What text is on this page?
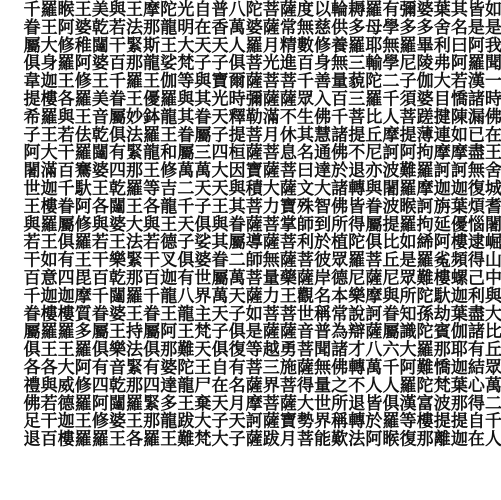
如是我聞一時佛在王舍城耆闍崛山中與大比丘眾萬二千人
皆是阿羅漢諸漏已盡無復煩惱逮得己利盡諸有結心得自在
其名曰阿若憍陳如摩訶迦葉優樓頻螺迦葉伽耶迦葉那提迦
葉舍利弗大目揵連摩訶迦旃延阿㝹樓馱劫賓那憍梵波提離
婆多畢陵伽婆蹉薄拘羅摩訶拘絺羅難陀孫陀羅難陀富樓那
彌多羅尼子須菩提阿難羅睺羅如是眾所知識大阿羅漢等復
有學無學二千人摩訶波闍波提比丘尼與眷屬六千人俱羅睺
羅母耶輸陀羅比丘尼亦與眷屬俱菩薩摩訶薩八萬人皆於阿
耨多羅三藐三菩提不退轉皆得陀羅尼樂說辯才轉不退轉法
輪供養無量百千諸佛於諸佛所植眾德本常為諸佛之所稱歎
以慈修身善入佛慧通達大智到於彼岸名稱普聞無量世界能
度無數百千眾生其名曰文殊師利菩薩觀世音菩薩得大勢菩
薩常精進菩薩不休息菩薩寶掌菩薩藥王菩薩勇施菩薩寶月
菩薩月光菩薩滿月菩薩大力菩薩無量力菩薩越三界菩薩跋
陀婆羅菩薩彌勒菩薩寶積菩薩導師菩薩如是等菩薩摩訶薩
八萬人俱爾時釋提桓因與其眷屬二萬天子俱復有名月天子
普香天子寶光天子四大天王與其眷屬萬天子俱自在天子大
自在天子與其眷屬三萬天子俱娑婆世界主梵天王尸棄大梵
光明大梵等與其眷屬萬二千天子俱有八龍王難陀龍王跋難
陀龍王娑伽羅龍王和修吉龍王德叉迦龍王阿那婆達多龍王
摩那斯龍王優鉢羅龍王等各與若干百千眷屬俱有四緊那羅
王法緊那羅王妙法緊那羅王大法緊那羅王持法緊那羅王各
與若干百千眷屬俱有四乾闥婆王樂乾闥婆王樂音乾闥婆王
美乾闥婆王美音乾闥婆王各與若干百千眷屬俱有四阿修羅
王婆稚阿修羅王佉羅騫馱阿修羅王毘摩質多羅阿修羅王羅
睺阿修羅王各與若干百千眷屬俱有四迦樓羅王大威德迦樓
羅王大身迦樓羅王大滿迦樓羅王如意迦樓羅王各與若干百
千眷屬俱韋提希子阿闍世王與若干百千眷屬俱各禮佛足退
